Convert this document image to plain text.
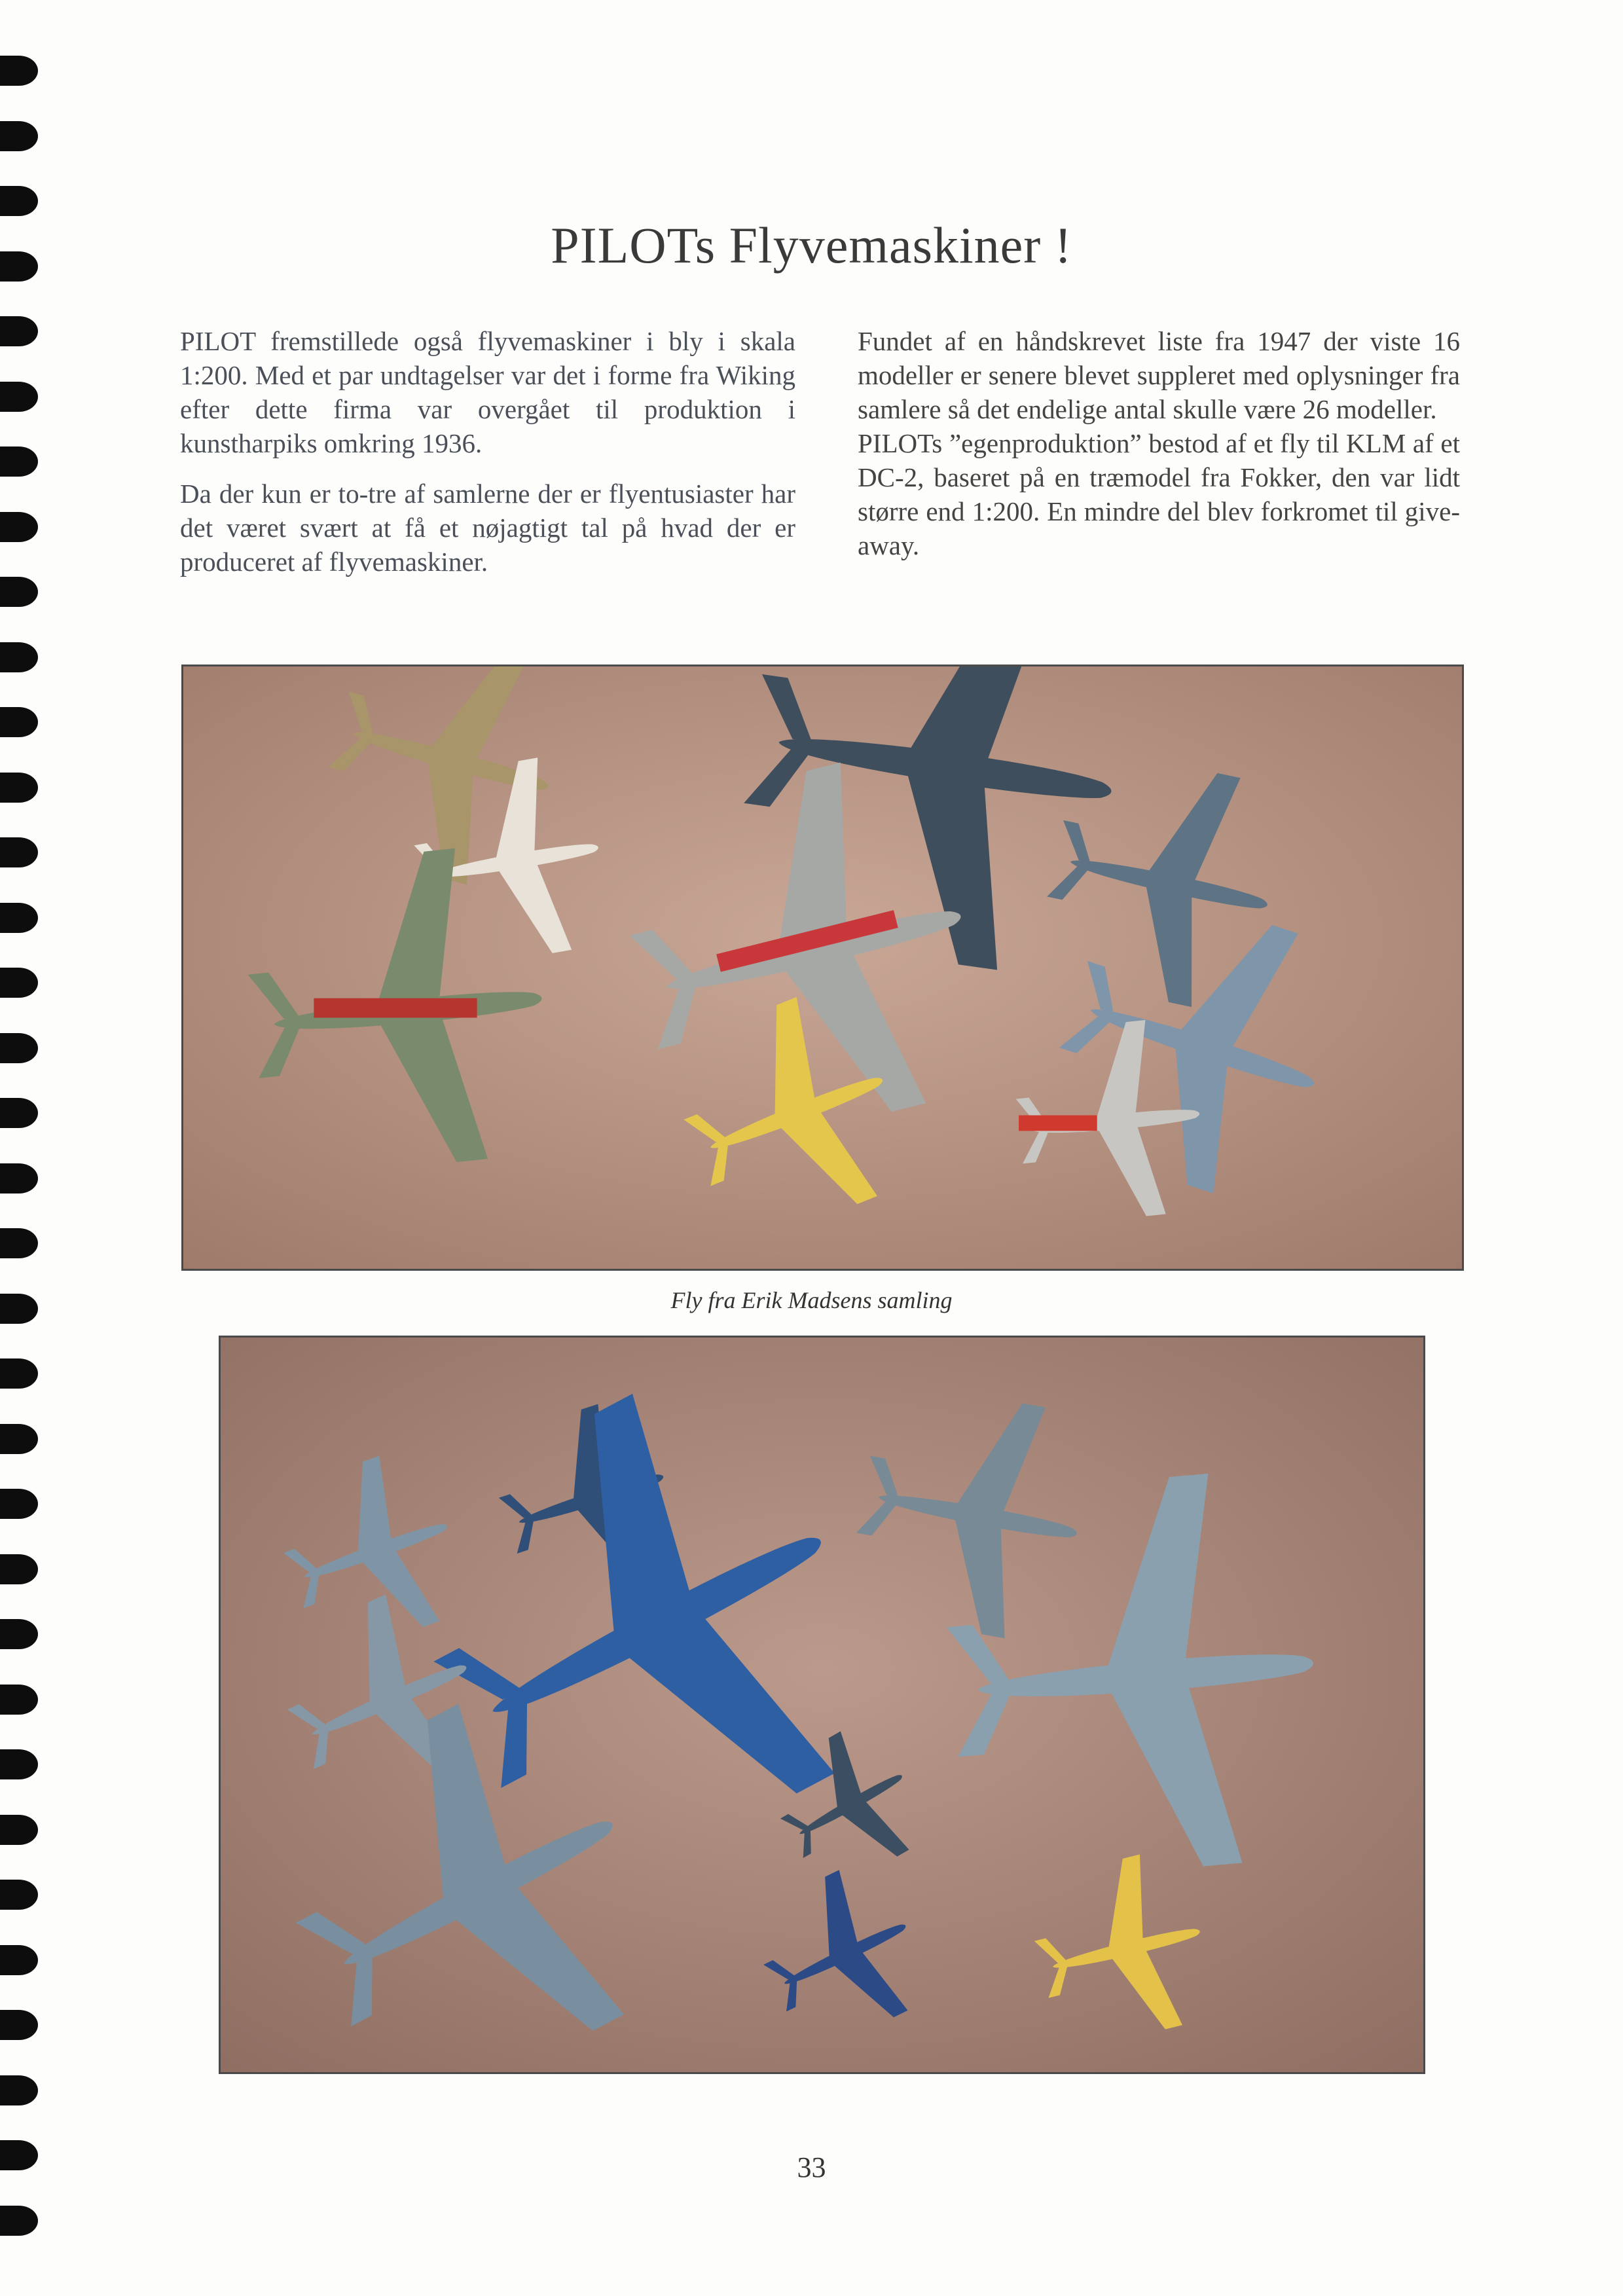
PILOTs Flyvemaskiner !

PILOT fremstillede også flyvemaskiner i bly i skala 1:200. Med et par undtagelser var det i forme fra Wiking efter dette firma var overgået til produktion i kunstharpiks omkring 1936.

Da der kun er to-tre af samlerne der er flyentusiaster har det været svært at få et nøjagtigt tal på hvad der er produceret af flyvemaskiner.

Fundet af en håndskrevet liste fra 1947 der viste 16 modeller er senere blevet suppleret med oplysninger fra samlere så det endelige antal skulle være 26 modeller.

PILOTs ”egenproduktion” bestod af et fly til KLM af et DC-2, baseret på en træmodel fra Fokker, den var lidt større end 1:200. En mindre del blev forkromet til give-away.

Fly fra Erik Madsens samling
33
